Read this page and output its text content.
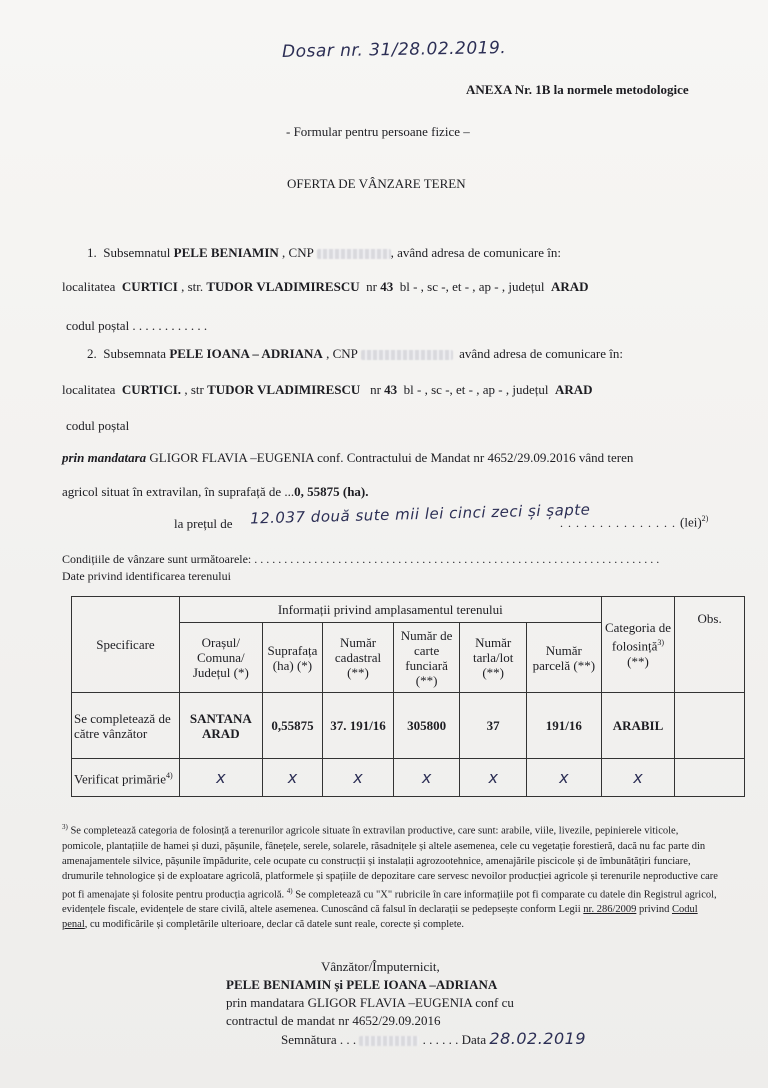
Dosar nr. 31/28.02.2019.
ANEXA Nr. 1B la normele metodologice
- Formular pentru persoane fizice –
OFERTA DE VÂNZARE TEREN
1. Subsemnatul PELE BENIAMIN , CNP	, având adresa de comunicare în:
localitatea CURTICI , str. TUDOR VLADIMIRESCU nr 43 bl - , sc -, et - , ap - , județul ARAD
codul poștal . . . . . . . . . . . .
2. Subsemnata PELE IOANA – ADRIANA , CNP	având adresa de comunicare în:
localitatea CURTICI. , str TUDOR VLADIMIRESCU nr 43 bl - , sc -, et - , ap - , județul ARAD
codul poștal
prin mandatara GLIGOR FLAVIA –EUGENIA conf. Contractului de Mandat nr 4652/29.09.2016 vând teren
agricol situat în extravilan, în suprafață de ...0, 55875 (ha).
la prețul de 12.037 două sute mii lei cinci zeci și șapte
. . . . . . . . . . . . . . . (lei)$^{2)}$
Condițiile de vânzare sunt următoarele: . . . . . . . . . . . . . . . . . . . . . . . . . . . . . . . . . . . . . . . . . . . . . . . . . . . . . . . . . . . . . . . . . . . .
Date privind identificarea terenului
Specificare	Informații privind amplasamentul terenului						Categoria de folosință$^{3)}$ (**)	Obs.
	Orașul/ Comuna/ Județul (*)	Suprafața (ha) (*)	Număr cadastral (**)	Număr de carte funciară (**)	Număr tarla/lot (**)	Număr parcelă (**)		
Se completează de către vânzător	SANTANA ARAD	0,55875	37. 191/16	305800	37	191/16	ARABIL	
Verificat primărie$^{4)}$	x	x	x	x	x	x	x	
$^{3)}$ Se completează categoria de folosință a terenurilor agricole situate în extravilan productive, care sunt: arabile, viile, livezile, pepinierele viticole, pomicole, plantațiile de hamei și duzi, pășunile, fânețele, serele, solarele, răsadnițele și altele asemenea, cele cu vegetație forestieră, dacă nu fac parte din amenajamentele silvice, pășunile împădurite, cele ocupate cu construcții și instalații agrozootehnice, amenajările piscicole și de îmbunătățiri funciare, drumurile tehnologice și de exploatare agricolă, platformele și spațiile de depozitare care servesc nevoilor producției agricole și terenurile neproductive care pot fi amenajate și folosite pentru producția agricolă. $^{4)}$ Se completează cu "X" rubricile în care informațiile pot fi comparate cu datele din Registrul agricol, evidențele fiscale, evidențele de stare civilă, altele asemenea. Cunoscând că falsul în declarații se pedepsește conform Legii nr. 286/2009 privind Codul penal, cu modificările și completările ulterioare, declar că datele sunt reale, corecte și complete.
Vânzător/Împuternicit,
PELE BENIAMIN și PELE IOANA –ADRIANA
prin mandatara GLIGOR FLAVIA –EUGENIA conf cu
contractul de mandat nr 4652/29.09.2016
Semnătura . . .	. . . . . . Data 28.02.2019
